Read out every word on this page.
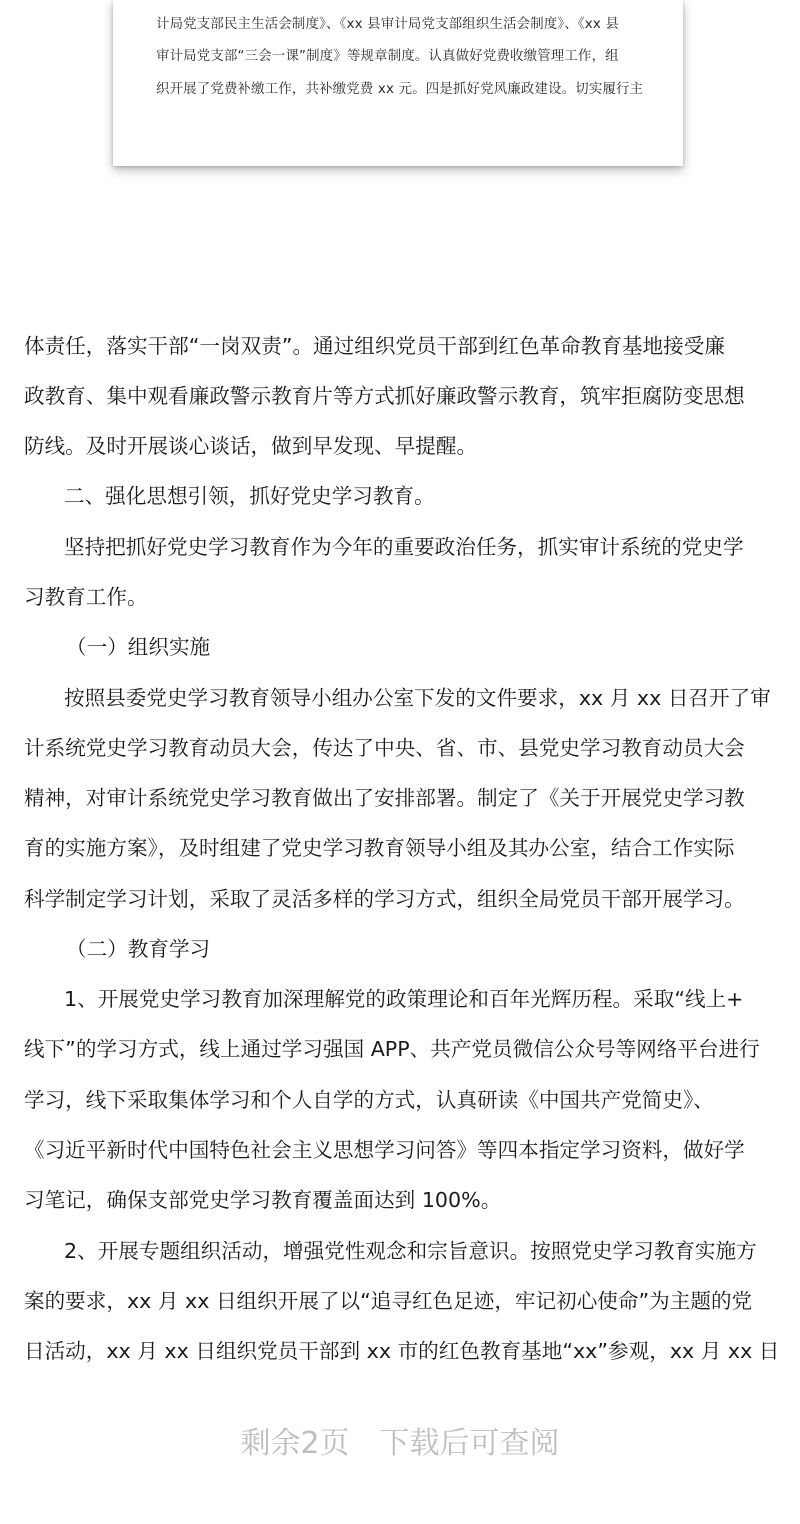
计局党支部民主生活会制度》、《xx 县审计局党支部组织生活会制度》、《xx 县
审计局党支部“三会一课”制度》等规章制度。认真做好党费收缴管理工作，组
织开展了党费补缴工作，共补缴党费 xx 元。四是抓好党风廉政建设。切实履行主
体责任，落实干部“一岗双责”。通过组织党员干部到红色革命教育基地接受廉
政教育、集中观看廉政警示教育片等方式抓好廉政警示教育，筑牢拒腐防变思想
防线。及时开展谈心谈话，做到早发现、早提醒。
二、强化思想引领，抓好党史学习教育。
坚持把抓好党史学习教育作为今年的重要政治任务，抓实审计系统的党史学
习教育工作。
（一）组织实施
按照县委党史学习教育领导小组办公室下发的文件要求，xx 月 xx 日召开了审
计系统党史学习教育动员大会，传达了中央、省、市、县党史学习教育动员大会
精神，对审计系统党史学习教育做出了安排部署。制定了《关于开展党史学习教
育的实施方案》，及时组建了党史学习教育领导小组及其办公室，结合工作实际
科学制定学习计划，采取了灵活多样的学习方式，组织全局党员干部开展学习。
（二）教育学习
1、开展党史学习教育加深理解党的政策理论和百年光辉历程。采取“线上+
线下”的学习方式，线上通过学习强国 APP、共产党员微信公众号等网络平台进行
学习，线下采取集体学习和个人自学的方式，认真研读《中国共产党简史》、
《习近平新时代中国特色社会主义思想学习问答》等四本指定学习资料，做好学
习笔记，确保支部党史学习教育覆盖面达到 100%。
2、开展专题组织活动，增强党性观念和宗旨意识。按照党史学习教育实施方
案的要求，xx 月 xx 日组织开展了以“追寻红色足迹，牢记初心使命”为主题的党
日活动，xx 月 xx 日组织党员干部到 xx 市的红色教育基地“xx”参观，xx 月 xx 日
剩余2页　下载后可查阅
